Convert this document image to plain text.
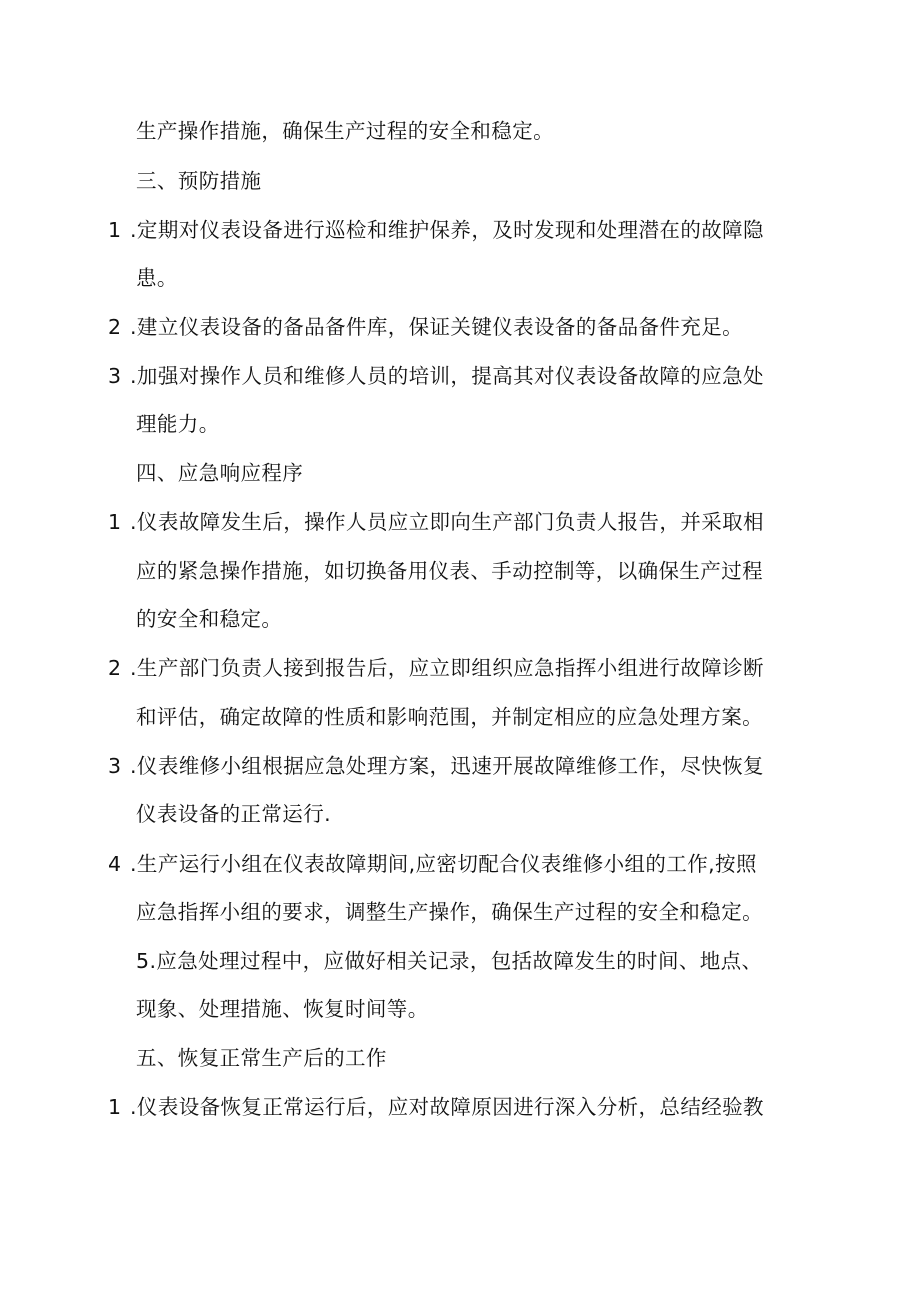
生产操作措施，确保生产过程的安全和稳定。
三、预防措施
1 .定期对仪表设备进行巡检和维护保养，及时发现和处理潜在的故障隐
患。
2 .建立仪表设备的备品备件库，保证关键仪表设备的备品备件充足。
3 .加强对操作人员和维修人员的培训，提高其对仪表设备故障的应急处
理能力。
四、应急响应程序
1 .仪表故障发生后，操作人员应立即向生产部门负责人报告，并采取相
应的紧急操作措施，如切换备用仪表、手动控制等，以确保生产过程
的安全和稳定。
2 .生产部门负责人接到报告后，应立即组织应急指挥小组进行故障诊断
和评估，确定故障的性质和影响范围，并制定相应的应急处理方案。
3 .仪表维修小组根据应急处理方案，迅速开展故障维修工作，尽快恢复
仪表设备的正常运行.
4 .生产运行小组在仪表故障期间,应密切配合仪表维修小组的工作,按照
应急指挥小组的要求，调整生产操作，确保生产过程的安全和稳定。
5.应急处理过程中，应做好相关记录，包括故障发生的时间、地点、
现象、处理措施、恢复时间等。
五、恢复正常生产后的工作
1 .仪表设备恢复正常运行后，应对故障原因进行深入分析，总结经验教
